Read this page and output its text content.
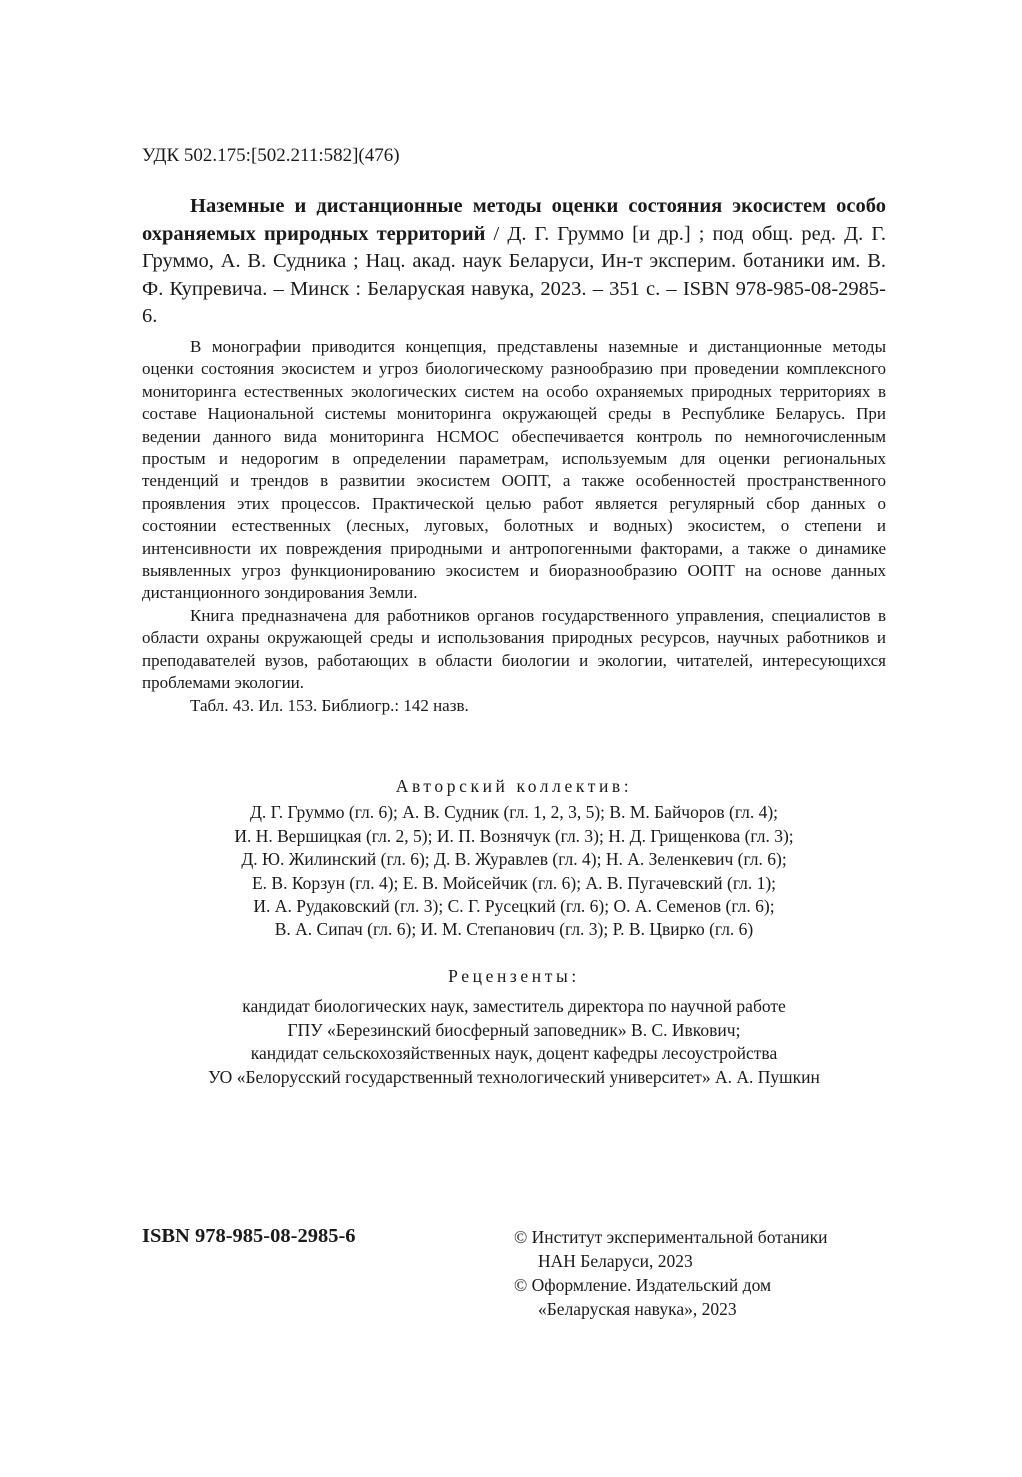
УДК 502.175:[502.211:582](476)
Наземные и дистанционные методы оценки состояния экосистем особо охраняемых природных территорий / Д. Г. Груммо [и др.] ; под общ. ред. Д. Г. Груммо, А. В. Судника ; Нац. акад. наук Беларуси, Ин-т эксперим. ботаники им. В. Ф. Купревича. – Минск : Беларуская навука, 2023. – 351 с. – ISBN 978-985-08-2985-6.

В монографии приводится концепция, представлены наземные и дистанционные методы оценки состояния экосистем и угроз биологическому разнообразию при проведении комплексного мониторинга естественных экологических систем на особо охраняемых природных территориях в составе Национальной системы мониторинга окружающей среды в Республике Беларусь. При ведении данного вида мониторинга НСМОС обеспечивается контроль по немногочисленным простым и недорогим в определении параметрам, используемым для оценки региональных тенденций и трендов в развитии экосистем ООПТ, а также особенностей пространственного проявления этих процессов. Практической целью работ является регулярный сбор данных о состоянии естественных (лесных, луговых, болотных и водных) экосистем, о степени и интенсивности их повреждения природными и антропогенными факторами, а также о динамике выявленных угроз функционированию экосистем и биоразнообразию ООПТ на основе данных дистанционного зондирования Земли.

Книга предназначена для работников органов государственного управления, специалистов в области охраны окружающей среды и использования природных ресурсов, научных работников и преподавателей вузов, работающих в области биологии и экологии, читателей, интересующихся проблемами экологии.

Табл. 43. Ил. 153. Библиогр.: 142 назв.

Авторский коллектив:
Д. Г. Груммо (гл. 6); А. В. Судник (гл. 1, 2, 3, 5); В. М. Байчоров (гл. 4);
И. Н. Вершицкая (гл. 2, 5); И. П. Вознячук (гл. 3); Н. Д. Грищенкова (гл. 3);
Д. Ю. Жилинский (гл. 6); Д. В. Журавлев (гл. 4); Н. А. Зеленкевич (гл. 6);
Е. В. Корзун (гл. 4); Е. В. Мойсейчик (гл. 6); А. В. Пугачевский (гл. 1);
И. А. Рудаковский (гл. 3); С. Г. Русецкий (гл. 6); О. А. Семенов (гл. 6);
В. А. Сипач (гл. 6); И. М. Степанович (гл. 3); Р. В. Цвирко (гл. 6)
Рецензенты:
кандидат биологических наук, заместитель директора по научной работе
ГПУ «Березинский биосферный заповедник» В. С. Ивкович;
кандидат сельскохозяйственных наук, доцент кафедры лесоустройства
УО «Белорусский государственный технологический университет» А. А. Пушкин
ISBN 978-985-08-2985-6	© Институт экспериментальной ботаники
НАН Беларуси, 2023
© Оформление. Издательский дом
«Беларуская навука», 2023
